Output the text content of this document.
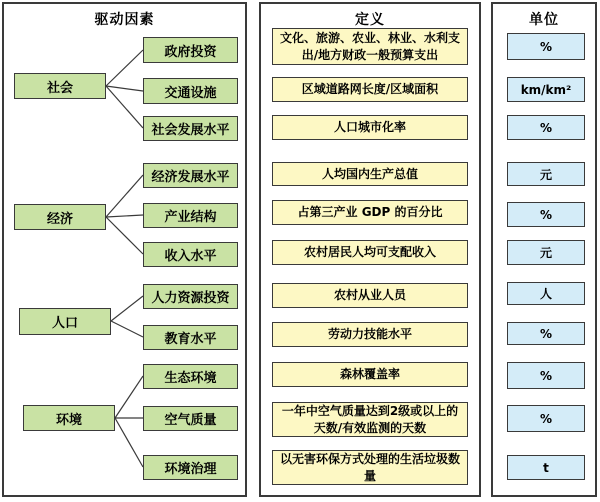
驱动因素	定义	单位
社会
经济
人口
环境
政府投资
交通设施
社会发展水平
经济发展水平
产业结构
收入水平
人力资源投资
教育水平
生态环境
空气质量
环境治理
文化、旅游、农业、林业、水利支出/地方财政一般预算支出
区域道路网长度/区域面积
人口城市化率
人均国内生产总值
占第三产业 GDP 的百分比
农村居民人均可支配收入
农村从业人员
劳动力技能水平
森林覆盖率
一年中空气质量达到2级或以上的天数/有效监测的天数
以无害环保方式处理的生活垃圾数量
%
km/km²
%
元
%
元
人
%
%
%
t
